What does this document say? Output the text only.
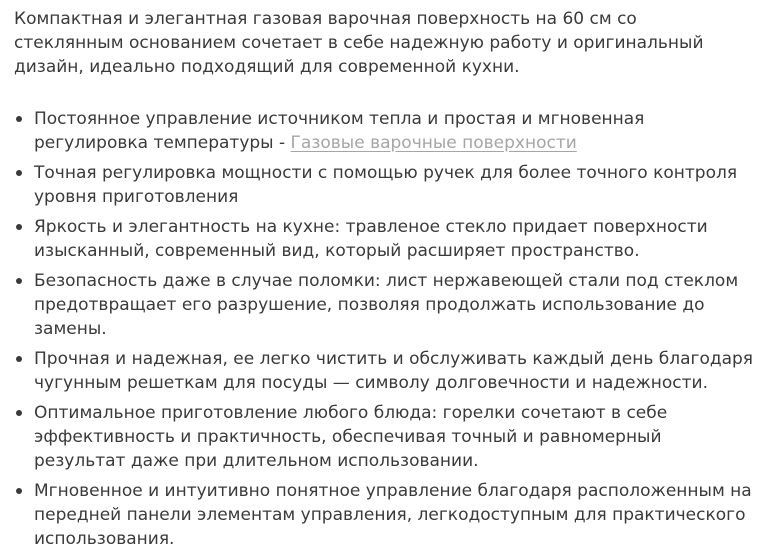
Компактная и элегантная газовая варочная поверхность на 60 см со стеклянным основанием сочетает в себе надежную работу и оригинальный дизайн, идеально подходящий для современной кухни.

Постоянное управление источником тепла и простая и мгновенная регулировка температуры - Газовые варочные поверхности
Точная регулировка мощности с помощью ручек для более точного контроля уровня приготовления
Яркость и элегантность на кухне: травленое стекло придает поверхности изысканный, современный вид, который расширяет пространство.
Безопасность даже в случае поломки: лист нержавеющей стали под стеклом предотвращает его разрушение, позволяя продолжать использование до замены.
Прочная и надежная, ее легко чистить и обслуживать каждый день благодаря чугунным решеткам для посуды — символу долговечности и надежности.
Оптимальное приготовление любого блюда: горелки сочетают в себе эффективность и практичность, обеспечивая точный и равномерный результат даже при длительном использовании.
Мгновенное и интуитивно понятное управление благодаря расположенным на передней панели элементам управления, легкодоступным для практического использования.
